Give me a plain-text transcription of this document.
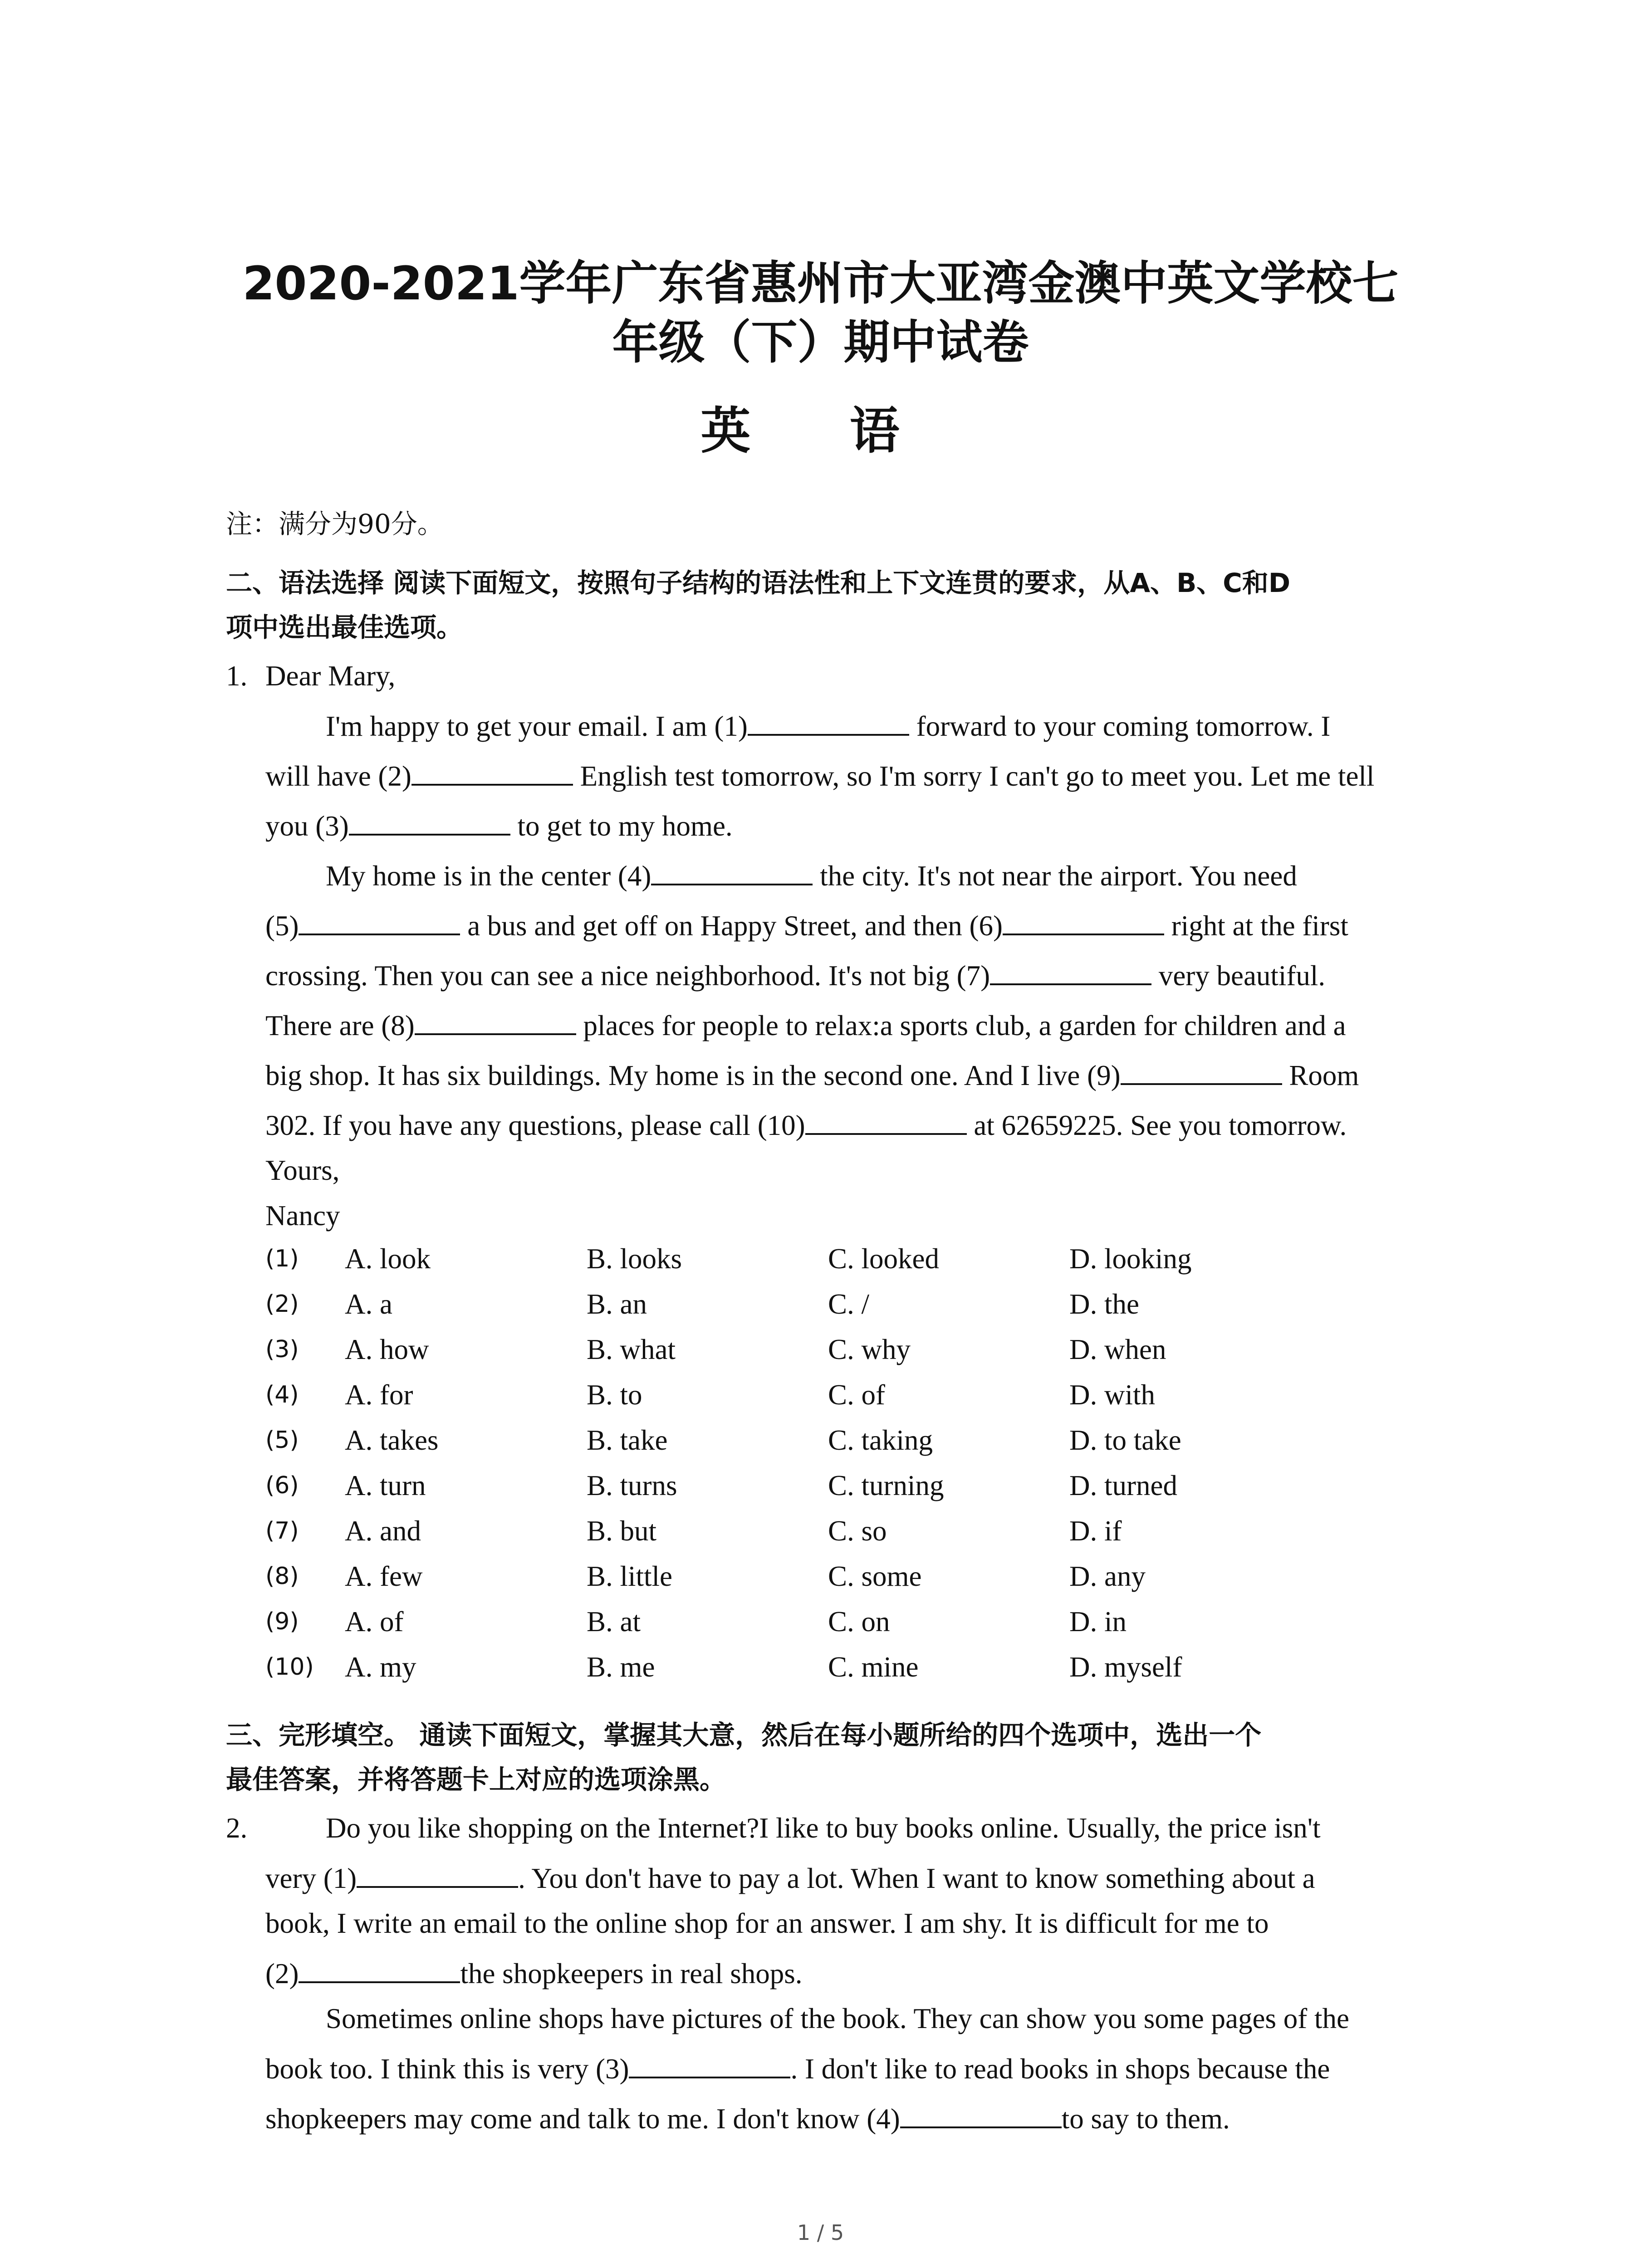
2020-2021学年广东省惠州市大亚湾金澳中英文学校七
年级（下）期中试卷
英 语
注：满分为90分。
二、语法选择 阅读下面短文，按照句子结构的语法性和上下文连贯的要求，从A、B、C和D
项中选出最佳选项。
1. Dear Mary,
I'm happy to get your email. I am (1)	forward to your coming tomorrow. I
will have (2)	English test tomorrow, so I'm sorry I can't go to meet you. Let me tell
you (3)	to get to my home.
My home is in the center (4)	the city. It's not near the airport. You need
(5)	a bus and get off on Happy Street, and then (6)	right at the first
crossing. Then you can see a nice neighborhood. It's not big (7)	very beautiful.
There are (8)	places for people to relax:a sports club, a garden for children and a
big shop. It has six buildings. My home is in the second one. And I live (9)	Room
302. If you have any questions, please call (10)	at 62659225. See you tomorrow.
Yours,
Nancy
(1) A. look	B. looks	C. looked	D. looking
(2) A. a	B. an	C. /	D. the
(3) A. how	B. what	C. why	D. when
(4) A. for	B. to	C. of	D. with
(5) A. takes	B. take	C. taking	D. to take
(6) A. turn	B. turns	C. turning	D. turned
(7) A. and	B. but	C. so	D. if
(8) A. few	B. little	C. some	D. any
(9) A. of	B. at	C. on	D. in
(10) A. my	B. me	C. mine	D. myself
三、完形填空。 通读下面短文，掌握其大意，然后在每小题所给的四个选项中，选出一个
最佳答案，并将答题卡上对应的选项涂黑。
2.	Do you like shopping on the Internet?I like to buy books online. Usually, the price isn't
very (1)	. You don't have to pay a lot. When I want to know something about a
book, I write an email to the online shop for an answer. I am shy. It is difficult for me to
(2)	the shopkeepers in real shops.
Sometimes online shops have pictures of the book. They can show you some pages of the
book too. I think this is very (3)	. I don't like to read books in shops because the
shopkeepers may come and talk to me. I don't know (4)	to say to them.
1 / 5
